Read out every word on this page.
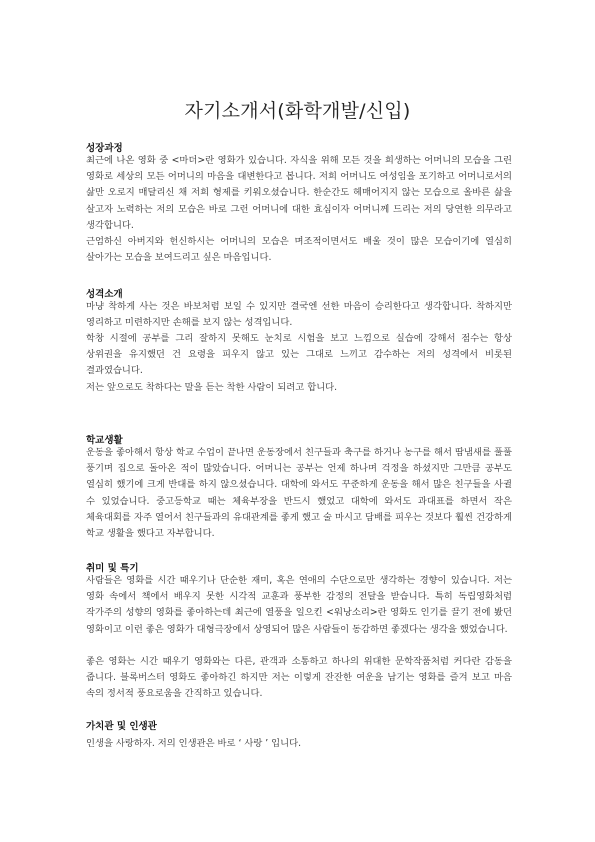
자기소개서(화학개발/신입)
성장과정

최근에 나온 영화 중 <마더>란 영화가 있습니다. 자식을 위해 모든 것을 희생하는 어머니의 모습을 그린 영화로 세상의 모든 어머니의 마음을 대변한다고 봅니다. 저희 어머니도 여성임을 포기하고 어머니로서의 삶만 오로지 매달리신 채 저희 형제를 키워오셨습니다. 한순간도 헤매어지지 않는 모습으로 올바른 삶을 살고자 노력하는 저의 모습은 바로 그런 어머니에 대한 효심이자 어머니께 드리는 저의 당연한 의무라고 생각합니다.

근엄하신 아버지와 헌신하시는 어머니의 모습은 며조적이면서도 배울 것이 많은 모습이기에 열심히 살아가는 모습을 보여드리고 싶은 마음입니다.

성격소개

마냥 착하게 사는 것은 바보처럼 보일 수 있지만 결국엔 선한 마음이 승리한다고 생각합니다. 착하지만 영리하고 미련하지만 손해를 보지 않는 성격입니다.

학창 시절에 공부를 그리 잘하지 못해도 눈치로 시험을 보고 느낌으로 실습에 강해서 점수는 항상 상위권을 유지했던 건 요령을 피우지 않고 있는 그대로 느끼고 감수하는 저의 성격에서 비롯된 결과였습니다.

저는 앞으로도 착하다는 말을 듣는 착한 사람이 되려고 합니다.

학교생활

운동을 좋아해서 항상 학교 수업이 끝나면 운동장에서 친구들과 축구를 하거나 농구를 해서 땀냄새를 풀풀 풍기며 집으로 돌아온 적이 많았습니다. 어머니는 공부는 언제 하나며 걱정을 하셨지만 그만큼 공부도 열심히 했기에 크게 반대를 하지 않으셨습니다. 대학에 와서도 꾸준하게 운동을 해서 많은 친구들을 사귈 수 있었습니다. 중고등학교 때는 체육부장을 반드시 했었고 대학에 와서도 과대표를 하면서 작은 체육대회를 자주 열어서 친구들과의 유대관계를 좋게 했고 술 마시고 담배를 피우는 것보다 훨씬 건강하게 학교 생활을 했다고 자부합니다.

취미 및 특기

사람들은 영화를 시간 때우기나 단순한 재미, 혹은 연애의 수단으로만 생각하는 경향이 있습니다. 저는 영화 속에서 책에서 배우지 못한 시각적 교훈과 풍부한 감정의 전달을 받습니다. 특히 독립영화처럼 작가주의 성향의 영화를 좋아하는데 최근에 열풍을 일으킨 <워낭소리>란 영화도 인기를 끌기 전에 봤던 영화이고 이런 좋은 영화가 대형극장에서 상영되어 많은 사람들이 동감하면 좋겠다는 생각을 했었습니다.

좋은 영화는 시간 때우기 영화와는 다른, 관객과 소통하고 하나의 위대한 문학작품처럼 커다란 감동을 줍니다. 블록버스터 영화도 좋아하긴 하지만 저는 이렇게 잔잔한 여운을 남기는 영화를 즐겨 보고 마음 속의 정서적 풍요로움을 간직하고 있습니다.

가치관 및 인생관

인생을 사랑하자. 저의 인생관은 바로 ‘ 사랑 ’ 입니다.
